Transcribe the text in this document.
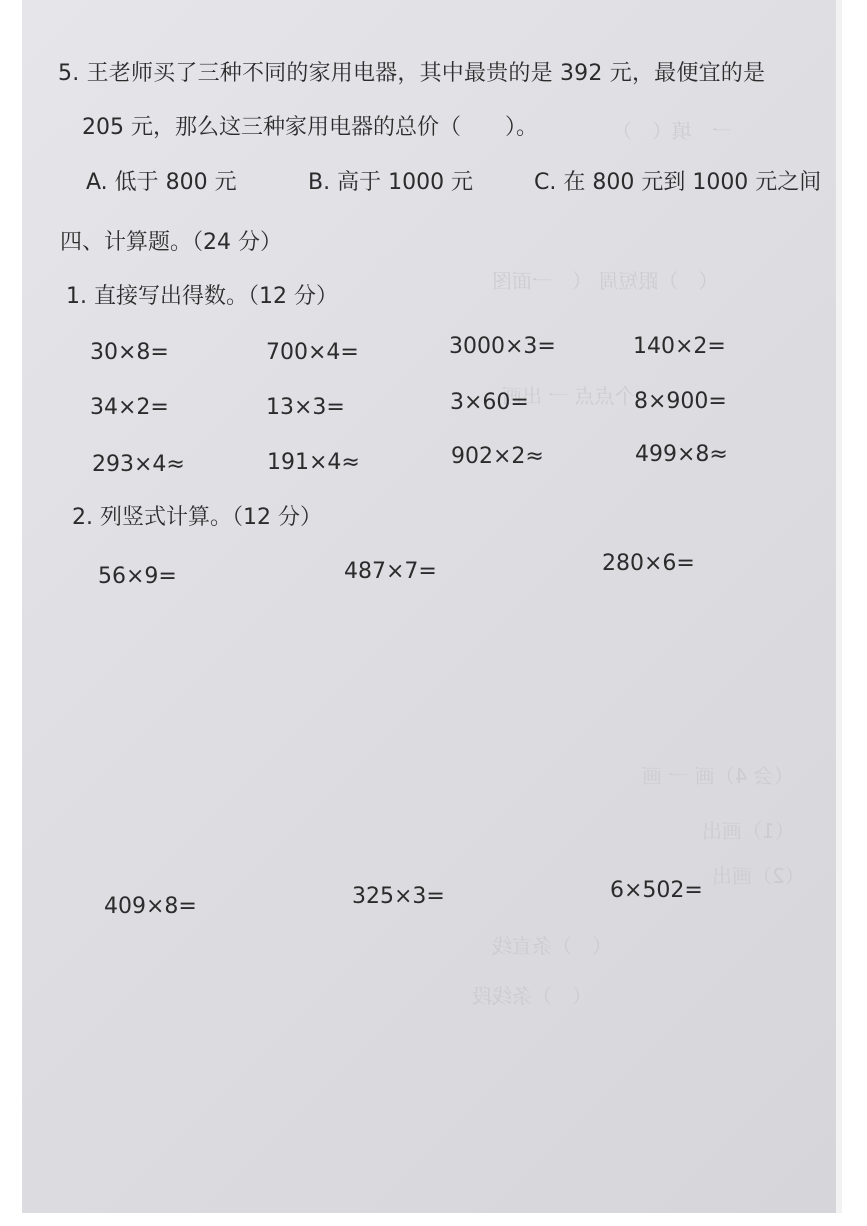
一　填（　）
（　）跟短周 （　一面图
个点点 一 出画
（会 4）画 一 画
（1）画出
（2）画出
（　）条直线
（　）条线段
5. 王老师买了三种不同的家用电器，其中最贵的是 392 元，最便宜的是
205 元，那么这三种家用电器的总价（　　）。
A. 低于 800 元	B. 高于 1000 元	C. 在 800 元到 1000 元之间
四、计算题。（24 分）
1. 直接写出得数。（12 分）
30×8=	700×4=	3000×3=	140×2=
34×2=	13×3=	3×60=	8×900=
293×4≈	191×4≈	902×2≈	499×8≈
2. 列竖式计算。（12 分）
56×9=	487×7=	280×6=
409×8=	325×3=	6×502=
